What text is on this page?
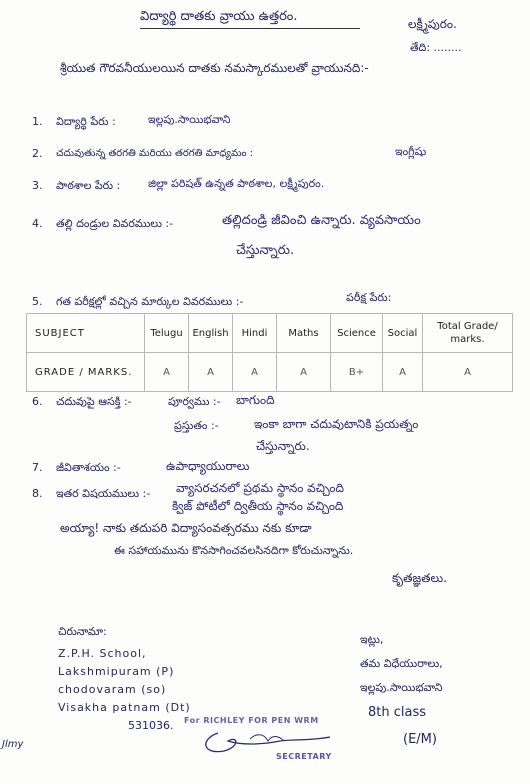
విద్యార్థి దాతకు వ్రాయు ఉత్తరం.	లక్ష్మీపురం.
తేది: ........
శ్రీయుత గౌరవనీయులయిన దాతకు నమస్కారములతో వ్రాయునది:-
1. విద్యార్థి పేరు :	ఇల్లపు.సాయిభవాని
2. చదువుతున్న తరగతి మరియు తరగతి మాధ్యమం :	ఇంగ్లీషు
3. పాఠశాల పేరు :	జిల్లా పరిషత్ ఉన్నత పాఠశాల, లక్ష్మీపురం.
4. తల్లి దండ్రుల వివరములు :-	తల్లిదండ్రి జీవించి ఉన్నారు. వ్యవసాయం
చేస్తున్నారు.
5. గత పరీక్షల్లో వచ్చిన మార్కుల వివరములు :-	పరీక్ష పేరు:
SUBJECT	Telugu	English	Hindi	Maths	Science	Social	Total Grade/ marks.
GRADE / MARKS.	A	A	A	A	B+	A	A
6. చదువుపై ఆసక్తి :-	పూర్వము :- బాగుంది
ప్రస్తుతం :-	ఇంకా బాగా చదువుటానికి ప్రయత్నం
చేస్తున్నారు.
7. జీవితాశయం :-	ఉపాధ్యాయురాలు
8. ఇతర విషయములు :- వ్యాసరచనలో ప్రథమ స్థానం వచ్చింది
క్విజ్ పోటీలో ద్వితీయ స్థానం వచ్చింది
అయ్యా! నాకు తదుపరి విద్యాసంవత్సరము నకు కూడా
ఈ సహాయమును కొనసాగించవలసినదిగా కోరుచున్నాను.
కృతజ్ఞతలు.
చిరునామా:
Z.P.H. School,
Lakshmipuram (P)
chodovaram (so)
Visakha patnam (Dt)
531036.
ఇట్లు,
తమ విధేయురాలు,
ఇల్లపు.సాయిభవాని
8th class
(E/M)
For RICHLEY FOR PEN WRM
SECRETARY
Jlmy
